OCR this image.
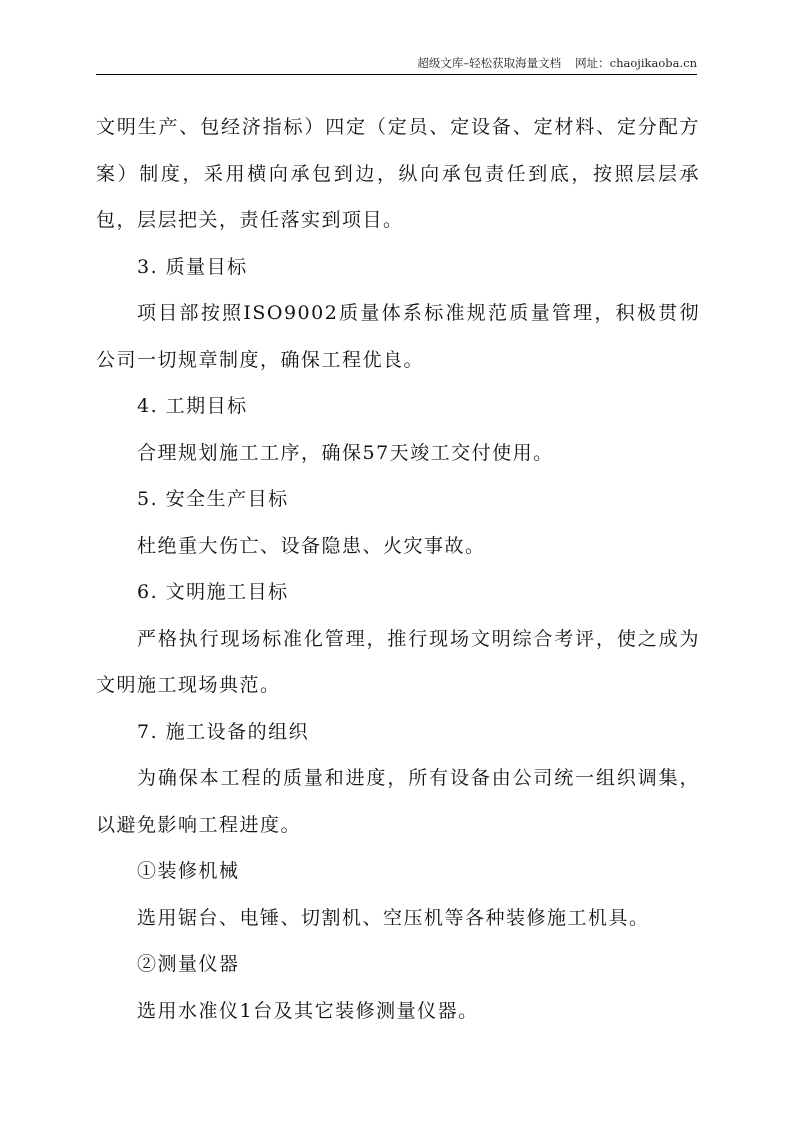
超级文库–轻松获取海量文档 网址：chaojikaoba.cn

文明生产、包经济指标）四定（定员、定设备、定材料、定分配方案）制度，采用横向承包到边，纵向承包责任到底，按照层层承包，层层把关，责任落实到项目。

3. 质量目标

项目部按照ISO9002质量体系标准规范质量管理，积极贯彻公司一切规章制度，确保工程优良。

4. 工期目标

合理规划施工工序，确保57天竣工交付使用。

5. 安全生产目标

杜绝重大伤亡、设备隐患、火灾事故。

6. 文明施工目标

严格执行现场标准化管理，推行现场文明综合考评，使之成为文明施工现场典范。

7. 施工设备的组织

为确保本工程的质量和进度，所有设备由公司统一组织调集，以避免影响工程进度。

①装修机械

选用锯台、电锤、切割机、空压机等各种装修施工机具。

②测量仪器

选用水准仪1台及其它装修测量仪器。
